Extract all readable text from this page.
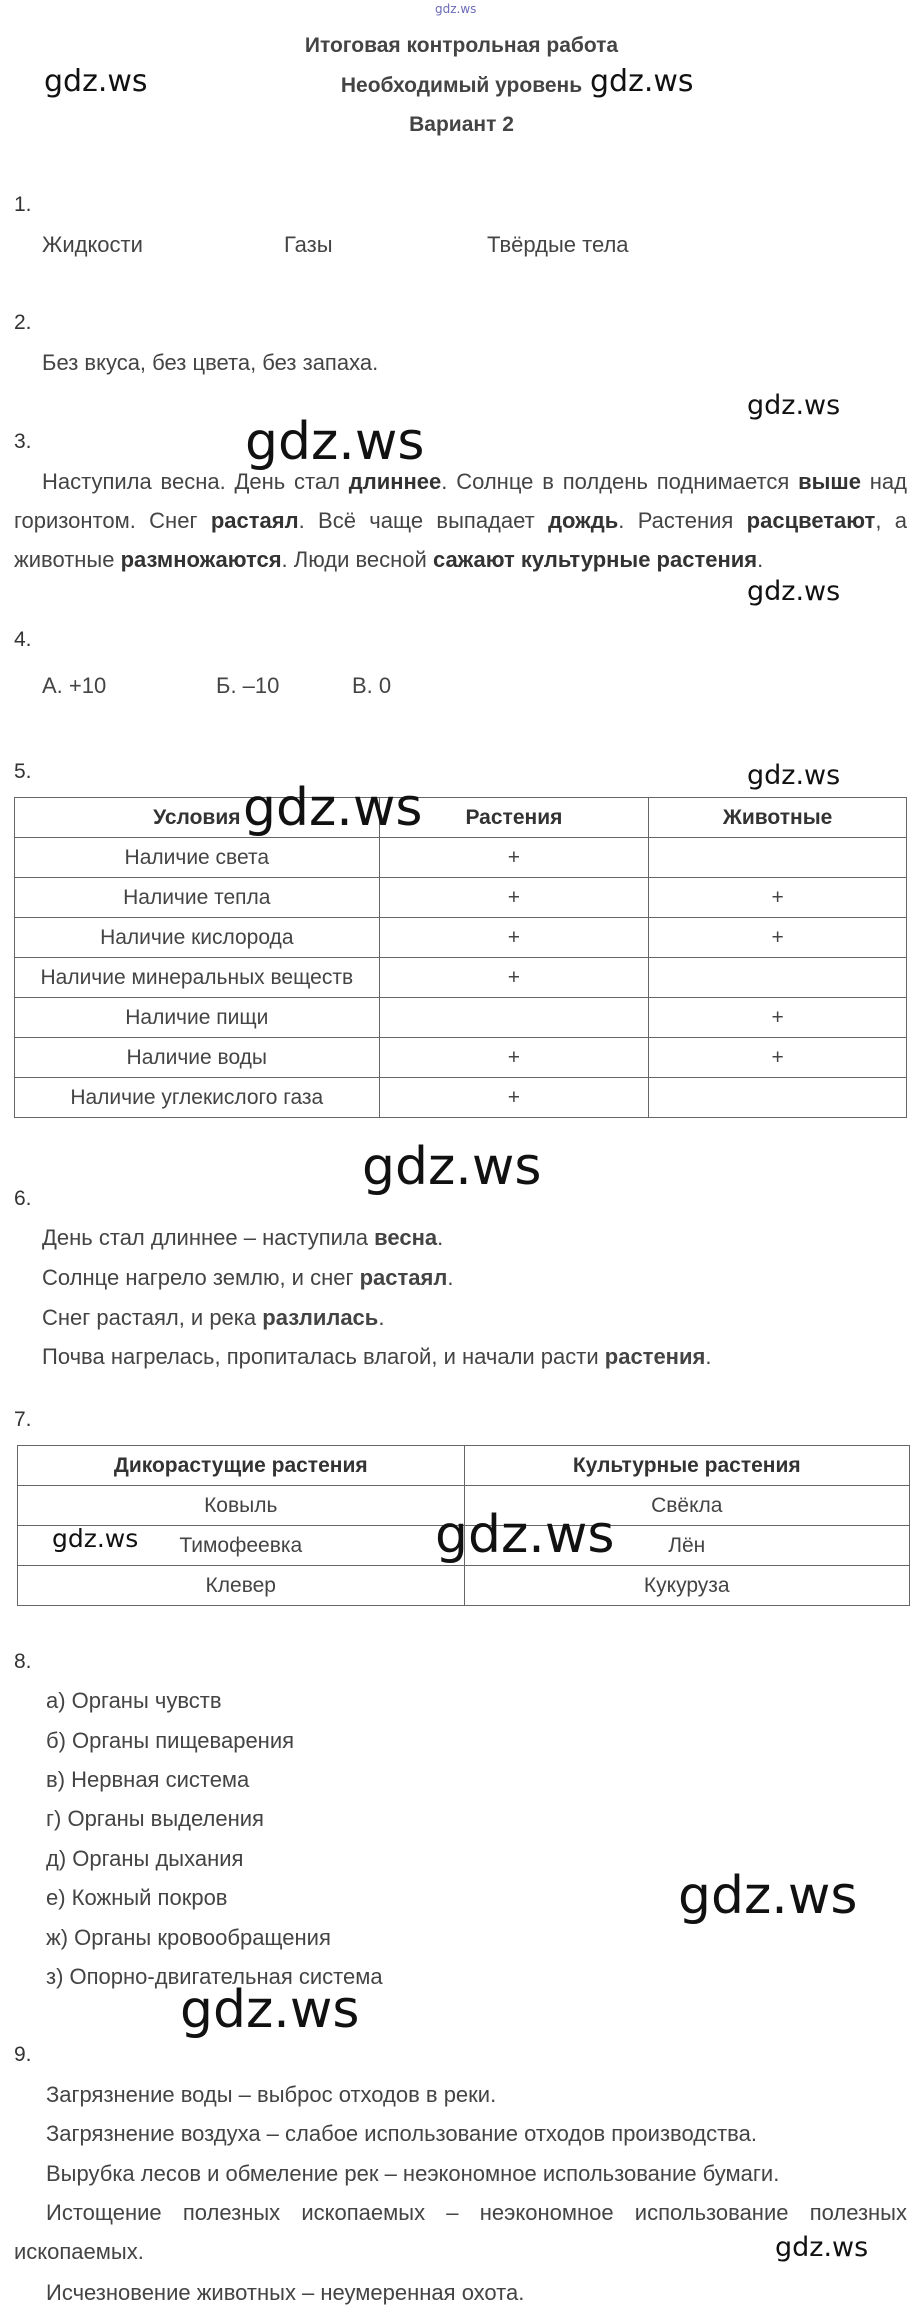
gdz.ws
Итоговая контрольная работа
Необходимый уровень
Вариант 2
1.
Жидкости	Газы	Твёрдые тела
2.
Без вкуса, без цвета, без запаха.
3.
Наступила весна. День стал длиннее. Солнце в полдень поднимается выше над горизонтом. Снег растаял. Всё чаще выпадает дождь. Растения расцветают, а животные размножаются. Люди весной сажают культурные растения.
4.
А. +10	Б. –10	В. 0
5.
Условия	Растения	Животные
Наличие света	+	
Наличие тепла	+	+
Наличие кислорода	+	+
Наличие минеральных веществ	+	
Наличие пищи		+
Наличие воды	+	+
Наличие углекислого газа	+	
6.
День стал длиннее – наступила весна.
Солнце нагрело землю, и снег растаял.
Снег растаял, и река разлилась.
Почва нагрелась, пропиталась влагой, и начали расти растения.
7.
Дикорастущие растения	Культурные растения
Ковыль	Свёкла
Тимофеевка	Лён
Клевер	Кукуруза
8.
а) Органы чувств
б) Органы пищеварения
в) Нервная система
г) Органы выделения
д) Органы дыхания
е) Кожный покров
ж) Органы кровообращения
з) Опорно-двигательная система
9.
Загрязнение воды – выброс отходов в реки.
Загрязнение воздуха – слабое использование отходов производства.
Вырубка лесов и обмеление рек – неэкономное использование бумаги.
Истощение полезных ископаемых – неэкономное использование полезных ископаемых.
Исчезновение животных – неумеренная охота.
gdz.ws	gdz.ws
gdz.ws
gdz.ws
gdz.ws
gdz.ws
gdz.ws
gdz.ws
gdz.ws	gdz.ws
gdz.ws
gdz.ws
gdz.ws
